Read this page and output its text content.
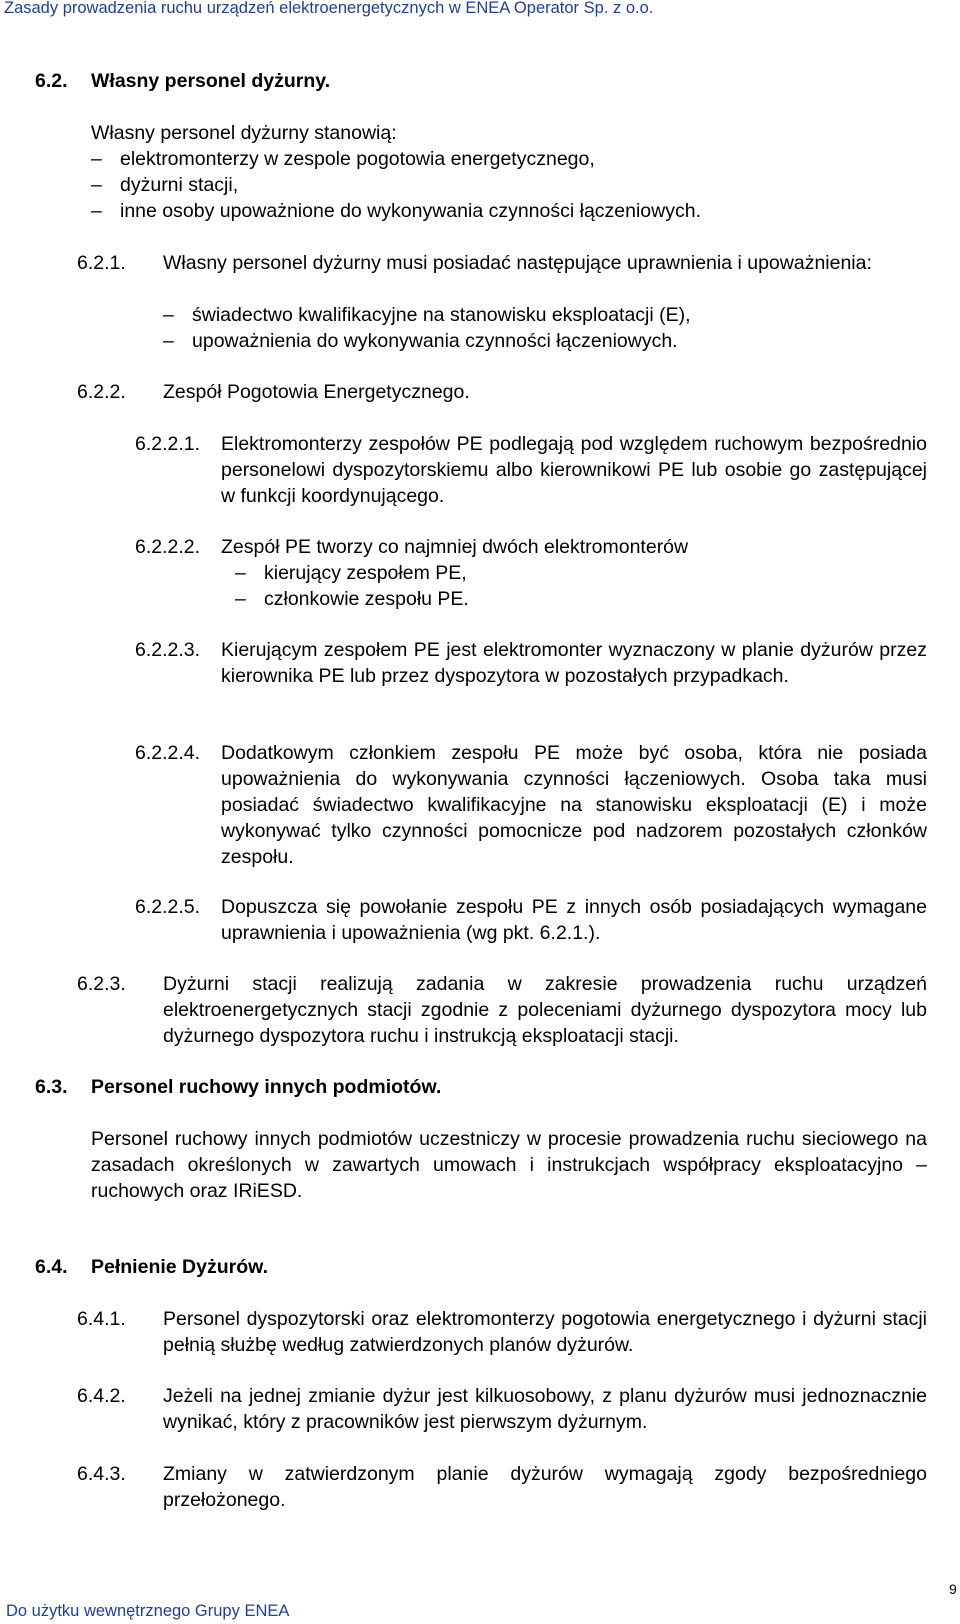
Zasady prowadzenia ruchu urządzeń elektroenergetycznych w ENEA Operator Sp. z o.o.
6.2. Własny personel dyżurny.
Własny personel dyżurny stanowią:
– elektromonterzy w zespole pogotowia energetycznego,
– dyżurni stacji,
– inne osoby upoważnione do wykonywania czynności łączeniowych.
6.2.1. Własny personel dyżurny musi posiadać następujące uprawnienia i upoważnienia:
– świadectwo kwalifikacyjne na stanowisku eksploatacji (E),
– upoważnienia do wykonywania czynności łączeniowych.
6.2.2. Zespół Pogotowia Energetycznego.
6.2.2.1. Elektromonterzy zespołów PE podlegają pod względem ruchowym bezpośrednio personelowi dyspozytorskiemu albo kierownikowi PE lub osobie go zastępującej w funkcji koordynującego.
6.2.2.2. Zespół PE tworzy co najmniej dwóch elektromonterów
– kierujący zespołem PE,
– członkowie zespołu PE.
6.2.2.3. Kierującym zespołem PE jest elektromonter wyznaczony w planie dyżurów przez kierownika PE lub przez dyspozytora w pozostałych przypadkach.
6.2.2.4. Dodatkowym członkiem zespołu PE może być osoba, która nie posiada upoważnienia do wykonywania czynności łączeniowych. Osoba taka musi posiadać świadectwo kwalifikacyjne na stanowisku eksploatacji (E) i może wykonywać tylko czynności pomocnicze pod nadzorem pozostałych członków zespołu.
6.2.2.5. Dopuszcza się powołanie zespołu PE z innych osób posiadających wymagane uprawnienia i upoważnienia (wg pkt. 6.2.1.).
6.2.3. Dyżurni stacji realizują zadania w zakresie prowadzenia ruchu urządzeń elektroenergetycznych stacji zgodnie z poleceniami dyżurnego dyspozytora mocy lub dyżurnego dyspozytora ruchu i instrukcją eksploatacji stacji.
6.3. Personel ruchowy innych podmiotów.
Personel ruchowy innych podmiotów uczestniczy w procesie prowadzenia ruchu sieciowego na zasadach określonych w zawartych umowach i instrukcjach współpracy eksploatacyjno – ruchowych oraz IRiESD.
6.4. Pełnienie Dyżurów.
6.4.1. Personel dyspozytorski oraz elektromonterzy pogotowia energetycznego i dyżurni stacji pełnią służbę według zatwierdzonych planów dyżurów.
6.4.2. Jeżeli na jednej zmianie dyżur jest kilkuosobowy, z planu dyżurów musi jednoznacznie wynikać, który z pracowników jest pierwszym dyżurnym.
6.4.3. Zmiany w zatwierdzonym planie dyżurów wymagają zgody bezpośredniego przełożonego.
9
Do użytku wewnętrznego Grupy ENEA
